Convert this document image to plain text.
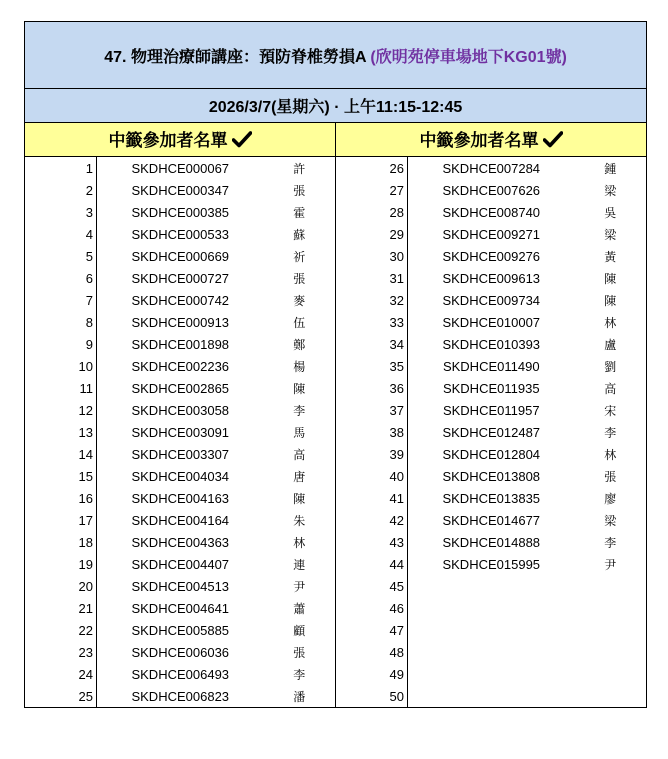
47. 物理治療師講座：預防脊椎勞損A (欣明苑停車場地下KG01號)					
2026/3/7(星期六) · 上午11:15-12:45					
中籤參加者名單			中籤參加者名單		
1	SKDHCE000067	許	26	SKDHCE007284	鍾
2	SKDHCE000347	張	27	SKDHCE007626	梁
3	SKDHCE000385	霍	28	SKDHCE008740	吳
4	SKDHCE000533	蘇	29	SKDHCE009271	梁
5	SKDHCE000669	祈	30	SKDHCE009276	黃
6	SKDHCE000727	張	31	SKDHCE009613	陳
7	SKDHCE000742	麥	32	SKDHCE009734	陳
8	SKDHCE000913	伍	33	SKDHCE010007	林
9	SKDHCE001898	鄭	34	SKDHCE010393	盧
10	SKDHCE002236	楊	35	SKDHCE011490	劉
11	SKDHCE002865	陳	36	SKDHCE011935	高
12	SKDHCE003058	李	37	SKDHCE011957	宋
13	SKDHCE003091	馬	38	SKDHCE012487	李
14	SKDHCE003307	高	39	SKDHCE012804	林
15	SKDHCE004034	唐	40	SKDHCE013808	張
16	SKDHCE004163	陳	41	SKDHCE013835	廖
17	SKDHCE004164	朱	42	SKDHCE014677	梁
18	SKDHCE004363	林	43	SKDHCE014888	李
19	SKDHCE004407	連	44	SKDHCE015995	尹
20	SKDHCE004513	尹	45		
21	SKDHCE004641	蕭	46		
22	SKDHCE005885	顧	47		
23	SKDHCE006036	張	48		
24	SKDHCE006493	李	49		
25	SKDHCE006823	潘	50		
